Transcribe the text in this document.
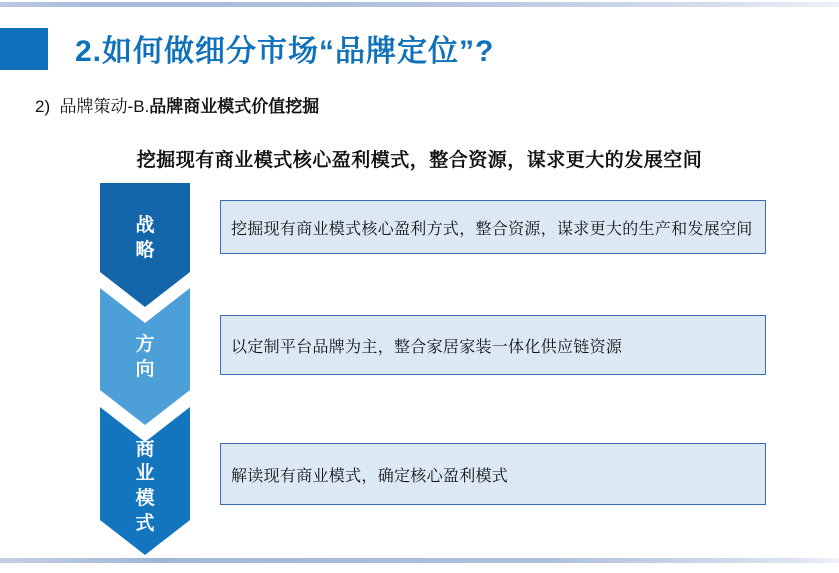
2.如何做细分市场“品牌定位”?
2)  品牌策动-B.品牌商业模式价值挖掘
挖掘现有商业模式核心盈利模式，整合资源，谋求更大的发展空间
战略
方向
商业模式
挖掘现有商业模式核心盈利方式，整合资源，谋求更大的生产和发展空间
以定制平台品牌为主，整合家居家装一体化供应链资源
解读现有商业模式，确定核心盈利模式
